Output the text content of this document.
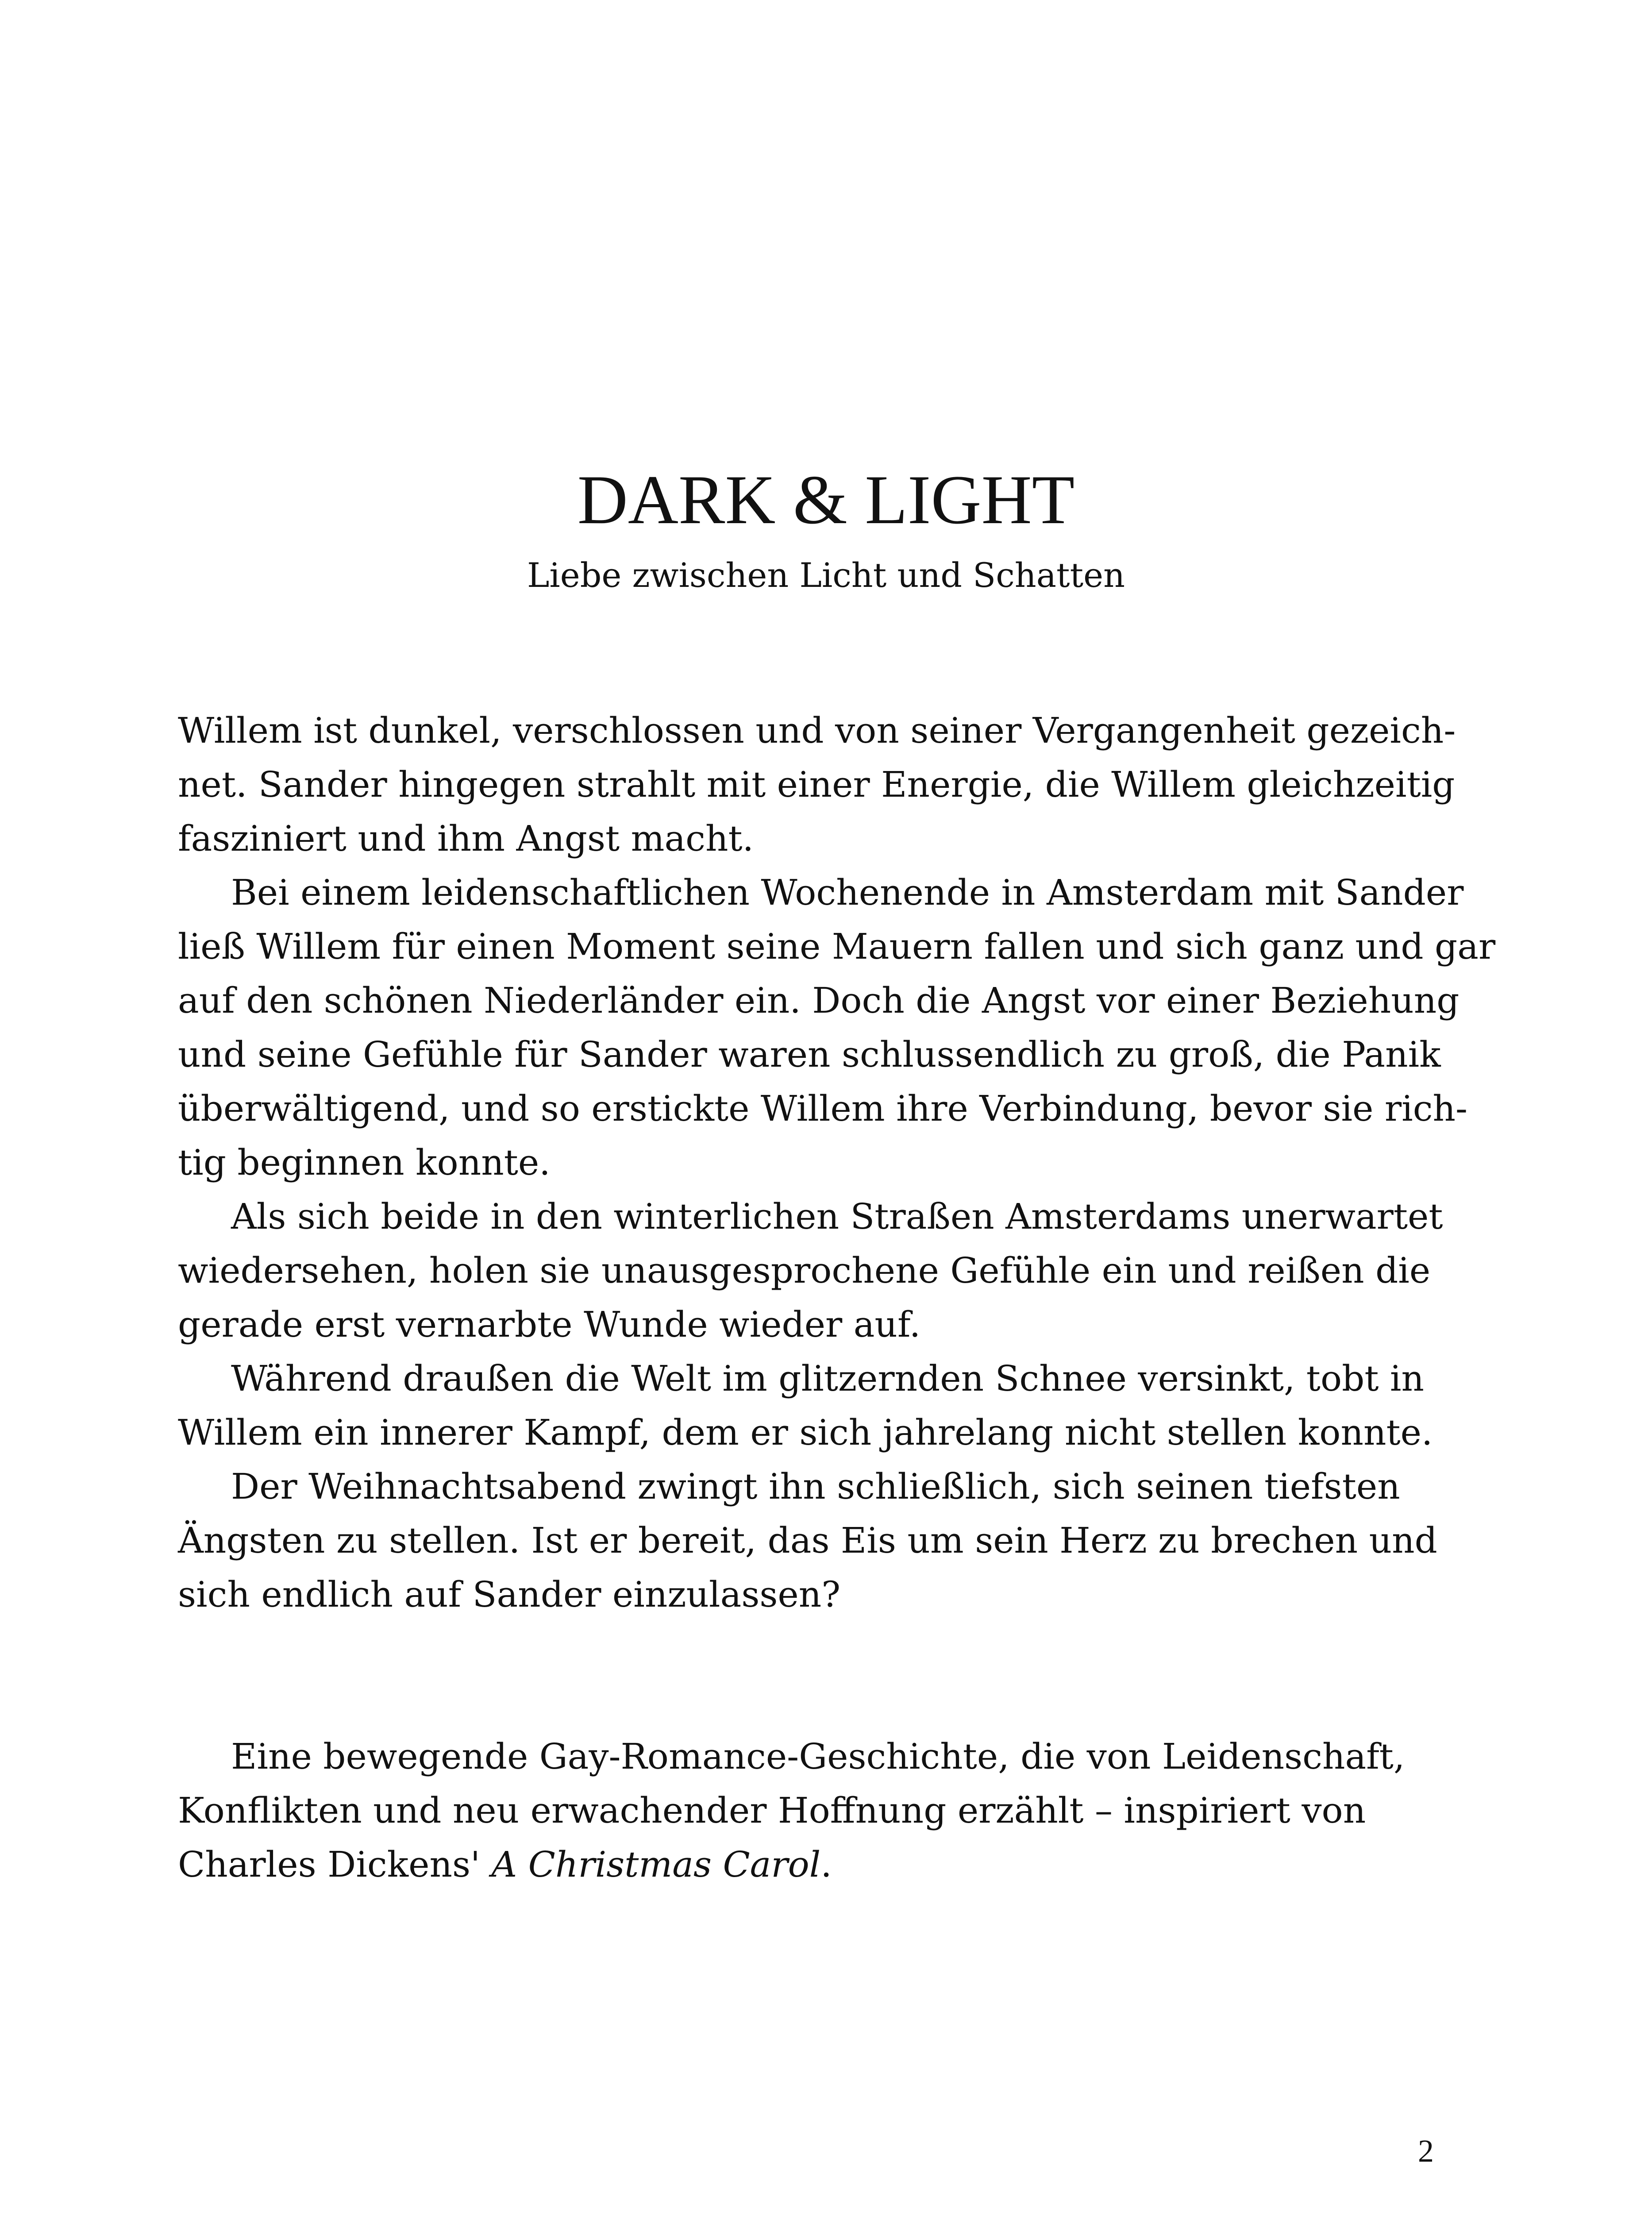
DARK & LIGHT
Liebe zwischen Licht und Schatten
Willem ist dunkel, verschlossen und von seiner Vergangenheit gezeich-
net. Sander hingegen strahlt mit einer Energie, die Willem gleichzeitig
fasziniert und ihm Angst macht.
Bei einem leidenschaftlichen Wochenende in Amsterdam mit Sander
ließ Willem für einen Moment seine Mauern fallen und sich ganz und gar
auf den schönen Niederländer ein. Doch die Angst vor einer Beziehung
und seine Gefühle für Sander waren schlussendlich zu groß, die Panik
überwältigend, und so erstickte Willem ihre Verbindung, bevor sie rich-
tig beginnen konnte.
Als sich beide in den winterlichen Straßen Amsterdams unerwartet
wiedersehen, holen sie unausgesprochene Gefühle ein und reißen die
gerade erst vernarbte Wunde wieder auf.
Während draußen die Welt im glitzernden Schnee versinkt, tobt in
Willem ein innerer Kampf, dem er sich jahrelang nicht stellen konnte.
Der Weihnachtsabend zwingt ihn schließlich, sich seinen tiefsten
Ängsten zu stellen. Ist er bereit, das Eis um sein Herz zu brechen und
sich endlich auf Sander einzulassen?
Eine bewegende Gay-Romance-Geschichte, die von Leidenschaft,
Konflikten und neu erwachender Hoffnung erzählt – inspiriert von
Charles Dickens' A Christmas Carol.
2
